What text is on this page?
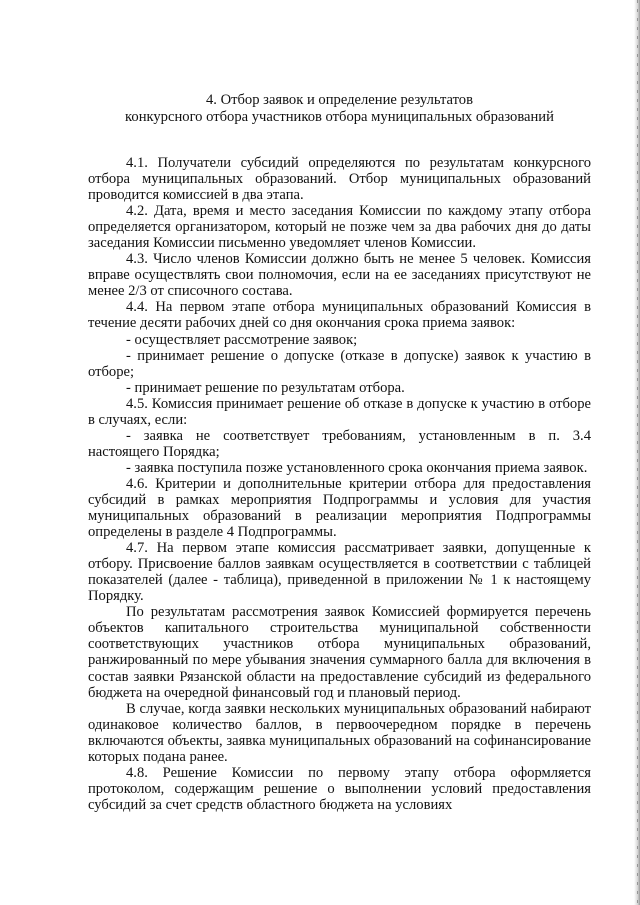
4. Отбор заявок и определение результатов
конкурсного отбора участников отбора муниципальных образований

4.1. Получатели субсидий определяются по результатам конкурсного отбора муниципальных образований. Отбор муниципальных образований проводится комиссией в два этапа.

4.2. Дата, время и место заседания Комиссии по каждому этапу отбора определяется организатором, который не позже чем за два рабочих дня до даты заседания Комиссии письменно уведомляет членов Комиссии.

4.3. Число членов Комиссии должно быть не менее 5 человек. Комиссия вправе осуществлять свои полномочия, если на ее заседаниях присутствуют не менее 2/3 от списочного состава.

4.4. На первом этапе отбора муниципальных образований Комиссия в течение десяти рабочих дней со дня окончания срока приема заявок:

- осуществляет рассмотрение заявок;

- принимает решение о допуске (отказе в допуске) заявок к участию в отборе;

- принимает решение по результатам отбора.

4.5. Комиссия принимает решение об отказе в допуске к участию в отборе в случаях, если:

- заявка не соответствует требованиям, установленным в п. 3.4 настоящего Порядка;

- заявка поступила позже установленного срока окончания приема заявок.

4.6. Критерии и дополнительные критерии отбора для предоставления субсидий в рамках мероприятия Подпрограммы и условия для участия муниципальных образований в реализации мероприятия Подпрограммы определены в разделе 4 Подпрограммы.

4.7. На первом этапе комиссия рассматривает заявки, допущенные к отбору. Присвоение баллов заявкам осуществляется в соответствии с таблицей показателей (далее - таблица), приведенной в приложении № 1 к настоящему Порядку.

По результатам рассмотрения заявок Комиссией формируется перечень объектов капитального строительства муниципальной собственности соответствующих участников отбора муниципальных образований, ранжированный по мере убывания значения суммарного балла для включения в состав заявки Рязанской области на предоставление субсидий из федерального бюджета на очередной финансовый год и плановый период.

В случае, когда заявки нескольких муниципальных образований набирают одинаковое количество баллов, в первоочередном порядке в перечень включаются объекты, заявка муниципальных образований на софинансирование которых подана ранее.

4.8. Решение Комиссии по первому этапу отбора оформляется протоколом, содержащим решение о выполнении условий предоставления субсидий за счет средств областного бюджета на условиях
